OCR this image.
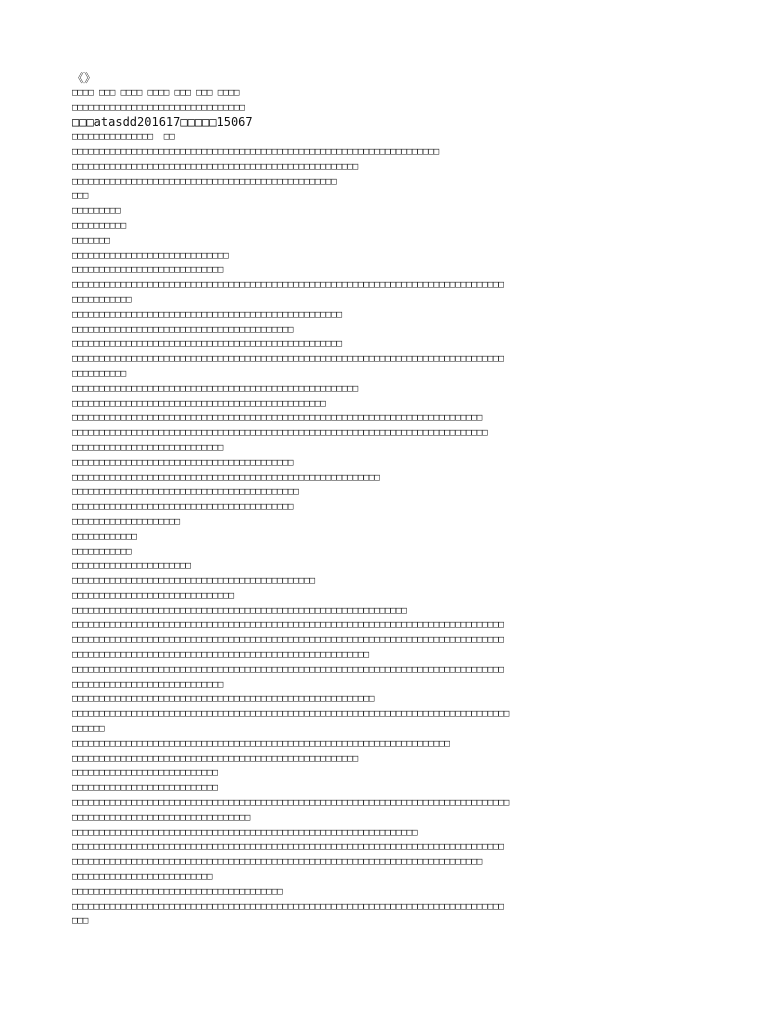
《》
□□□□ □□□ □□□□ □□□□ □□□ □□□ □□□□
□□□□□□□□□□□□□□□□□□□□□□□□□□□□□□□□
□□□atasdd201617□□□□□15067
□□□□□□□□□□□□□□□  □□
□□□□□□□□□□□□□□□□□□□□□□□□□□□□□□□□□□□□□□□□□□□□□□□□□□□□□□□□□□□□□□□□□□□□
□□□□□□□□□□□□□□□□□□□□□□□□□□□□□□□□□□□□□□□□□□□□□□□□□□□□□
□□□□□□□□□□□□□□□□□□□□□□□□□□□□□□□□□□□□□□□□□□□□□□□□□
□□□
□□□□□□□□□
□□□□□□□□□□
□□□□□□□
□□□□□□□□□□□□□□□□□□□□□□□□□□□□□
□□□□□□□□□□□□□□□□□□□□□□□□□□□□
□□□□□□□□□□□□□□□□□□□□□□□□□□□□□□□□□□□□□□□□□□□□□□□□□□□□□□□□□□□□□□□□□□□□□□□□□□□□□□□□
□□□□□□□□□□□
□□□□□□□□□□□□□□□□□□□□□□□□□□□□□□□□□□□□□□□□□□□□□□□□□□
□□□□□□□□□□□□□□□□□□□□□□□□□□□□□□□□□□□□□□□□□
□□□□□□□□□□□□□□□□□□□□□□□□□□□□□□□□□□□□□□□□□□□□□□□□□□
□□□□□□□□□□□□□□□□□□□□□□□□□□□□□□□□□□□□□□□□□□□□□□□□□□□□□□□□□□□□□□□□□□□□□□□□□□□□□□□□
□□□□□□□□□□
□□□□□□□□□□□□□□□□□□□□□□□□□□□□□□□□□□□□□□□□□□□□□□□□□□□□□
□□□□□□□□□□□□□□□□□□□□□□□□□□□□□□□□□□□□□□□□□□□□□□□
□□□□□□□□□□□□□□□□□□□□□□□□□□□□□□□□□□□□□□□□□□□□□□□□□□□□□□□□□□□□□□□□□□□□□□□□□□□□
□□□□□□□□□□□□□□□□□□□□□□□□□□□□□□□□□□□□□□□□□□□□□□□□□□□□□□□□□□□□□□□□□□□□□□□□□□□□□
□□□□□□□□□□□□□□□□□□□□□□□□□□□□
□□□□□□□□□□□□□□□□□□□□□□□□□□□□□□□□□□□□□□□□□
□□□□□□□□□□□□□□□□□□□□□□□□□□□□□□□□□□□□□□□□□□□□□□□□□□□□□□□□□
□□□□□□□□□□□□□□□□□□□□□□□□□□□□□□□□□□□□□□□□□□
□□□□□□□□□□□□□□□□□□□□□□□□□□□□□□□□□□□□□□□□□
□□□□□□□□□□□□□□□□□□□□
□□□□□□□□□□□□
□□□□□□□□□□□
□□□□□□□□□□□□□□□□□□□□□□
□□□□□□□□□□□□□□□□□□□□□□□□□□□□□□□□□□□□□□□□□□□□□
□□□□□□□□□□□□□□□□□□□□□□□□□□□□□□
□□□□□□□□□□□□□□□□□□□□□□□□□□□□□□□□□□□□□□□□□□□□□□□□□□□□□□□□□□□□□□
□□□□□□□□□□□□□□□□□□□□□□□□□□□□□□□□□□□□□□□□□□□□□□□□□□□□□□□□□□□□□□□□□□□□□□□□□□□□□□□□
□□□□□□□□□□□□□□□□□□□□□□□□□□□□□□□□□□□□□□□□□□□□□□□□□□□□□□□□□□□□□□□□□□□□□□□□□□□□□□□□
□□□□□□□□□□□□□□□□□□□□□□□□□□□□□□□□□□□□□□□□□□□□□□□□□□□□□□□
□□□□□□□□□□□□□□□□□□□□□□□□□□□□□□□□□□□□□□□□□□□□□□□□□□□□□□□□□□□□□□□□□□□□□□□□□□□□□□□□
□□□□□□□□□□□□□□□□□□□□□□□□□□□□
□□□□□□□□□□□□□□□□□□□□□□□□□□□□□□□□□□□□□□□□□□□□□□□□□□□□□□□□
□□□□□□□□□□□□□□□□□□□□□□□□□□□□□□□□□□□□□□□□□□□□□□□□□□□□□□□□□□□□□□□□□□□□□□□□□□□□□□□□□
□□□□□□
□□□□□□□□□□□□□□□□□□□□□□□□□□□□□□□□□□□□□□□□□□□□□□□□□□□□□□□□□□□□□□□□□□□□□□
□□□□□□□□□□□□□□□□□□□□□□□□□□□□□□□□□□□□□□□□□□□□□□□□□□□□□
□□□□□□□□□□□□□□□□□□□□□□□□□□□
□□□□□□□□□□□□□□□□□□□□□□□□□□□
□□□□□□□□□□□□□□□□□□□□□□□□□□□□□□□□□□□□□□□□□□□□□□□□□□□□□□□□□□□□□□□□□□□□□□□□□□□□□□□□□
□□□□□□□□□□□□□□□□□□□□□□□□□□□□□□□□□
□□□□□□□□□□□□□□□□□□□□□□□□□□□□□□□□□□□□□□□□□□□□□□□□□□□□□□□□□□□□□□□□
□□□□□□□□□□□□□□□□□□□□□□□□□□□□□□□□□□□□□□□□□□□□□□□□□□□□□□□□□□□□□□□□□□□□□□□□□□□□□□□□
□□□□□□□□□□□□□□□□□□□□□□□□□□□□□□□□□□□□□□□□□□□□□□□□□□□□□□□□□□□□□□□□□□□□□□□□□□□□
□□□□□□□□□□□□□□□□□□□□□□□□□□
□□□□□□□□□□□□□□□□□□□□□□□□□□□□□□□□□□□□□□□
□□□□□□□□□□□□□□□□□□□□□□□□□□□□□□□□□□□□□□□□□□□□□□□□□□□□□□□□□□□□□□□□□□□□□□□□□□□□□□□□
□□□
